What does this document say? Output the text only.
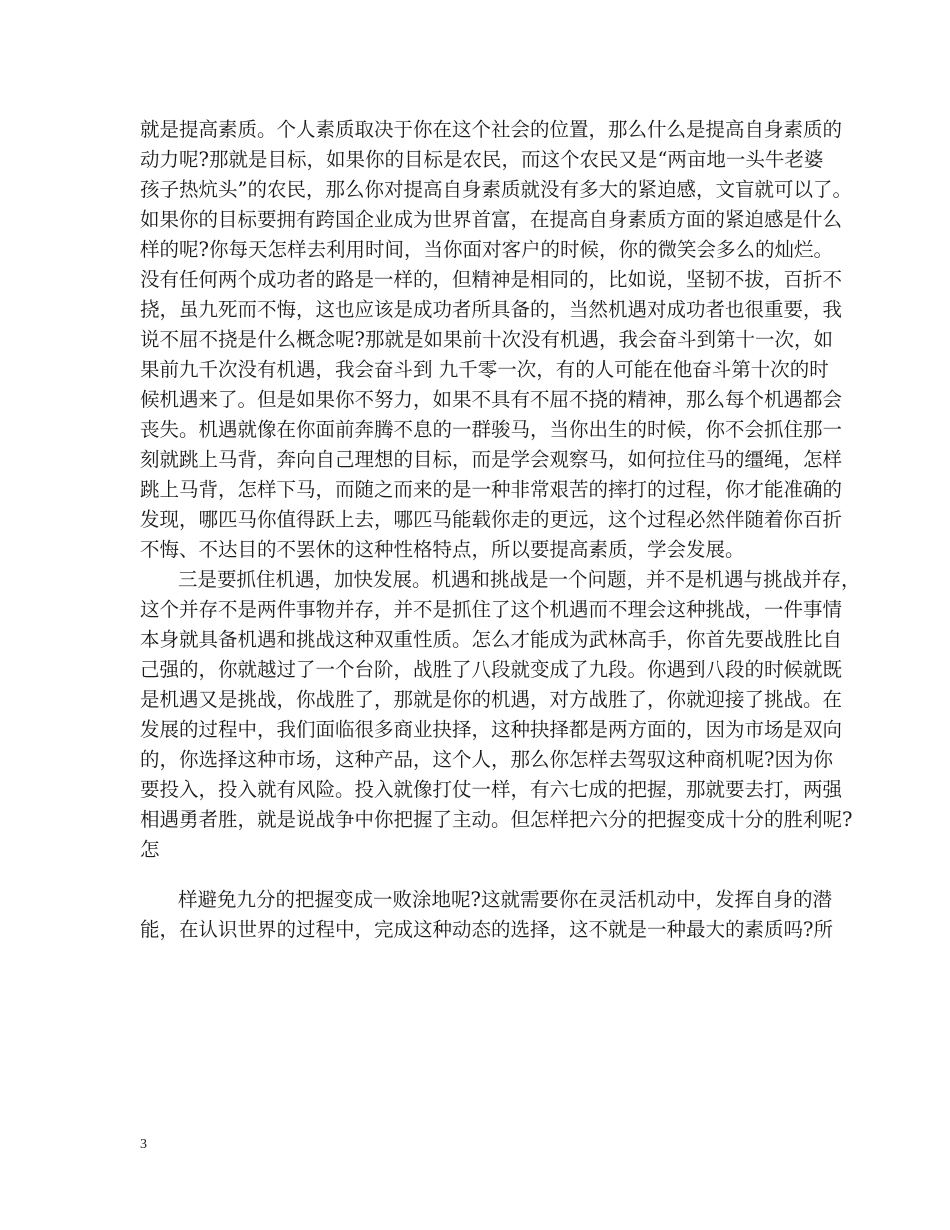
就是提高素质。个人素质取决于你在这个社会的位置，那么什么是提高自身素质的
动力呢?那就是目标，如果你的目标是农民，而这个农民又是“两亩地一头牛老婆
孩子热炕头”的农民，那么你对提高自身素质就没有多大的紧迫感，文盲就可以了。
如果你的目标要拥有跨国企业成为世界首富，在提高自身素质方面的紧迫感是什么
样的呢?你每天怎样去利用时间，当你面对客户的时候，你的微笑会多么的灿烂。
没有任何两个成功者的路是一样的，但精神是相同的，比如说，坚韧不拔，百折不
挠，虽九死而不悔，这也应该是成功者所具备的，当然机遇对成功者也很重要，我
说不屈不挠是什么概念呢?那就是如果前十次没有机遇，我会奋斗到第十一次，如
果前九千次没有机遇，我会奋斗到 九千零一次，有的人可能在他奋斗第十次的时
候机遇来了。但是如果你不努力，如果不具有不屈不挠的精神，那么每个机遇都会
丧失。机遇就像在你面前奔腾不息的一群骏马，当你出生的时候，你不会抓住那一
刻就跳上马背，奔向自己理想的目标，而是学会观察马，如何拉住马的缰绳，怎样
跳上马背，怎样下马，而随之而来的是一种非常艰苦的摔打的过程，你才能准确的
发现，哪匹马你值得跃上去，哪匹马能载你走的更远，这个过程必然伴随着你百折
不悔、不达目的不罢休的这种性格特点，所以要提高素质，学会发展。
三是要抓住机遇，加快发展。机遇和挑战是一个问题，并不是机遇与挑战并存，
这个并存不是两件事物并存，并不是抓住了这个机遇而不理会这种挑战，一件事情
本身就具备机遇和挑战这种双重性质。怎么才能成为武林高手，你首先要战胜比自
己强的，你就越过了一个台阶，战胜了八段就变成了九段。你遇到八段的时候就既
是机遇又是挑战，你战胜了，那就是你的机遇，对方战胜了，你就迎接了挑战。在
发展的过程中，我们面临很多商业抉择，这种抉择都是两方面的，因为市场是双向
的，你选择这种市场，这种产品，这个人，那么你怎样去驾驭这种商机呢?因为你
要投入，投入就有风险。投入就像打仗一样，有六七成的把握，那就要去打，两强
相遇勇者胜，就是说战争中你把握了主动。但怎样把六分的把握变成十分的胜利呢?
怎
样避免九分的把握变成一败涂地呢?这就需要你在灵活机动中，发挥自身的潜
能，在认识世界的过程中，完成这种动态的选择，这不就是一种最大的素质吗?所
3
